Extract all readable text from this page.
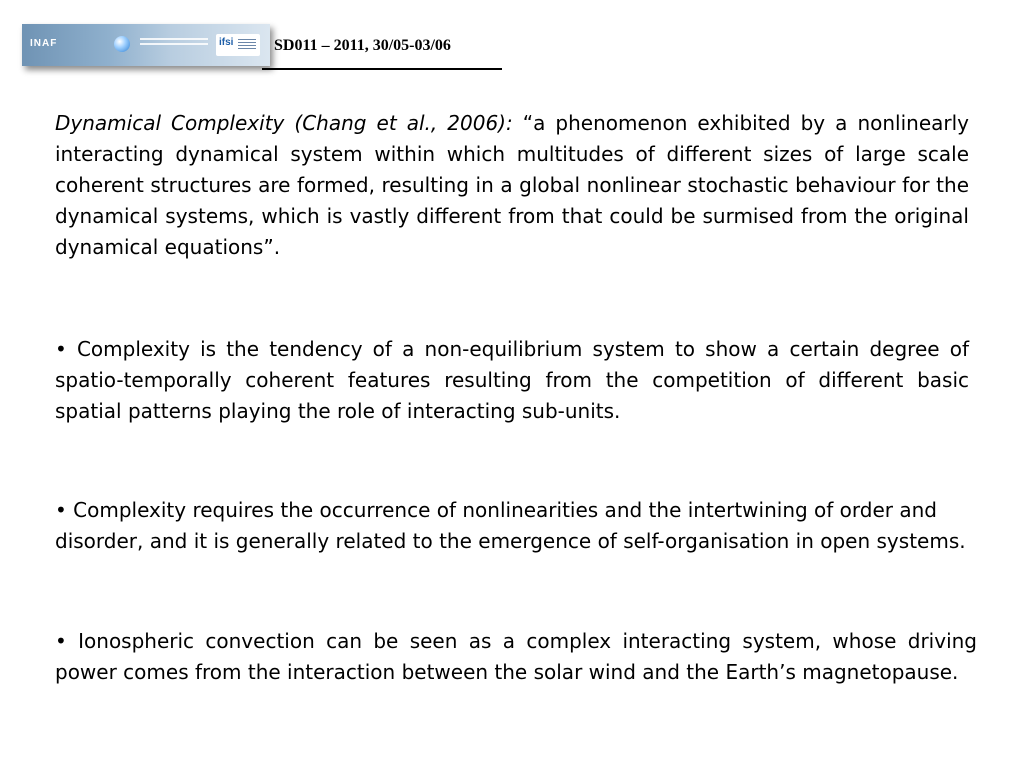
INAF	ifsi	SD011 – 2011, 30/05-03/06

Dynamical Complexity (Chang et al., 2006): “a phenomenon exhibited by a nonlinearly interacting dynamical system within which multitudes of different sizes of large scale coherent structures are formed, resulting in a global nonlinear stochastic behaviour for the dynamical systems, which is vastly different from that could be surmised from the original dynamical equations”.

• Complexity is the tendency of a non-equilibrium system to show a certain degree of spatio-temporally coherent features resulting from the competition of different basic spatial patterns playing the role of interacting sub-units.

• Complexity requires the occurrence of nonlinearities and the intertwining of order and disorder, and it is generally related to the emergence of self-organisation in open systems.

• Ionospheric convection can be seen as a complex interacting system, whose driving power comes from the interaction between the solar wind and the Earth’s magnetopause.
